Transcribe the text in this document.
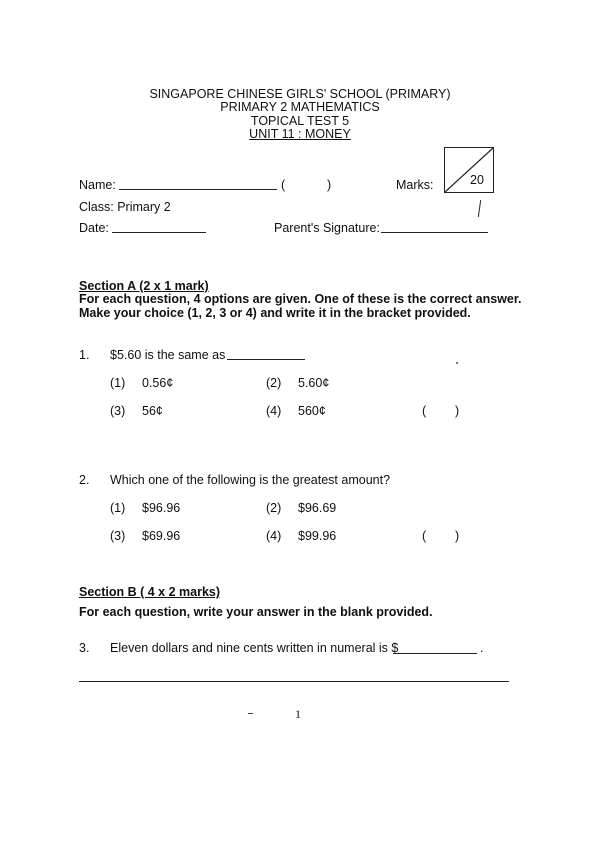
SINGAPORE CHINESE GIRLS' SCHOOL (PRIMARY)
PRIMARY 2 MATHEMATICS
TOPICAL TEST 5
UNIT 11 : MONEY
Name:	(	)	Marks:	20
Class: Primary 2
Date:	Parent's Signature:
Section A (2 x 1 mark)
For each question, 4 options are given. One of these is the correct answer.
Make your choice (1, 2, 3 or 4) and write it in the bracket provided.
1. $5.60 is the same as
(1) 0.56¢	(2) 5.60¢
(3) 56¢	(4) 560¢	( )
2. Which one of the following is the greatest amount?
(1) $96.96	(2) $96.69
(3) $69.96	(4) $99.96	( )
Section B ( 4 x 2 marks)
For each question, write your answer in the blank provided.
3. Eleven dollars and nine cents written in numeral is $	.
1
